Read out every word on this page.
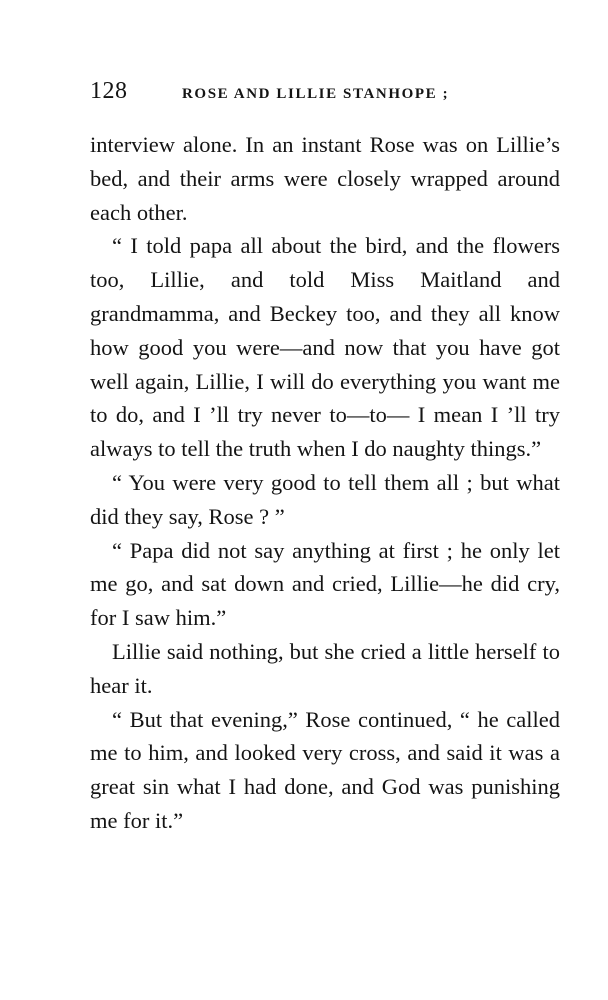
128	ROSE AND LILLIE STANHOPE ;

interview alone. In an instant Rose was on Lillie’s bed, and their arms were closely wrapped around each other.

“ I told papa all about the bird, and the flowers too, Lillie, and told Miss Maitland and grandmamma, and Beckey too, and they all know how good you were—and now that you have got well again, Lillie, I will do everything you want me to do, and I ’ll try never to—to— I mean I ’ll try always to tell the truth when I do naughty things.”

“ You were very good to tell them all ; but what did they say, Rose ? ”

“ Papa did not say anything at first ; he only let me go, and sat down and cried, Lillie—he did cry, for I saw him.”

Lillie said nothing, but she cried a little herself to hear it.

“ But that evening,” Rose continued, “ he called me to him, and looked very cross, and said it was a great sin what I had done, and God was punishing me for it.”
